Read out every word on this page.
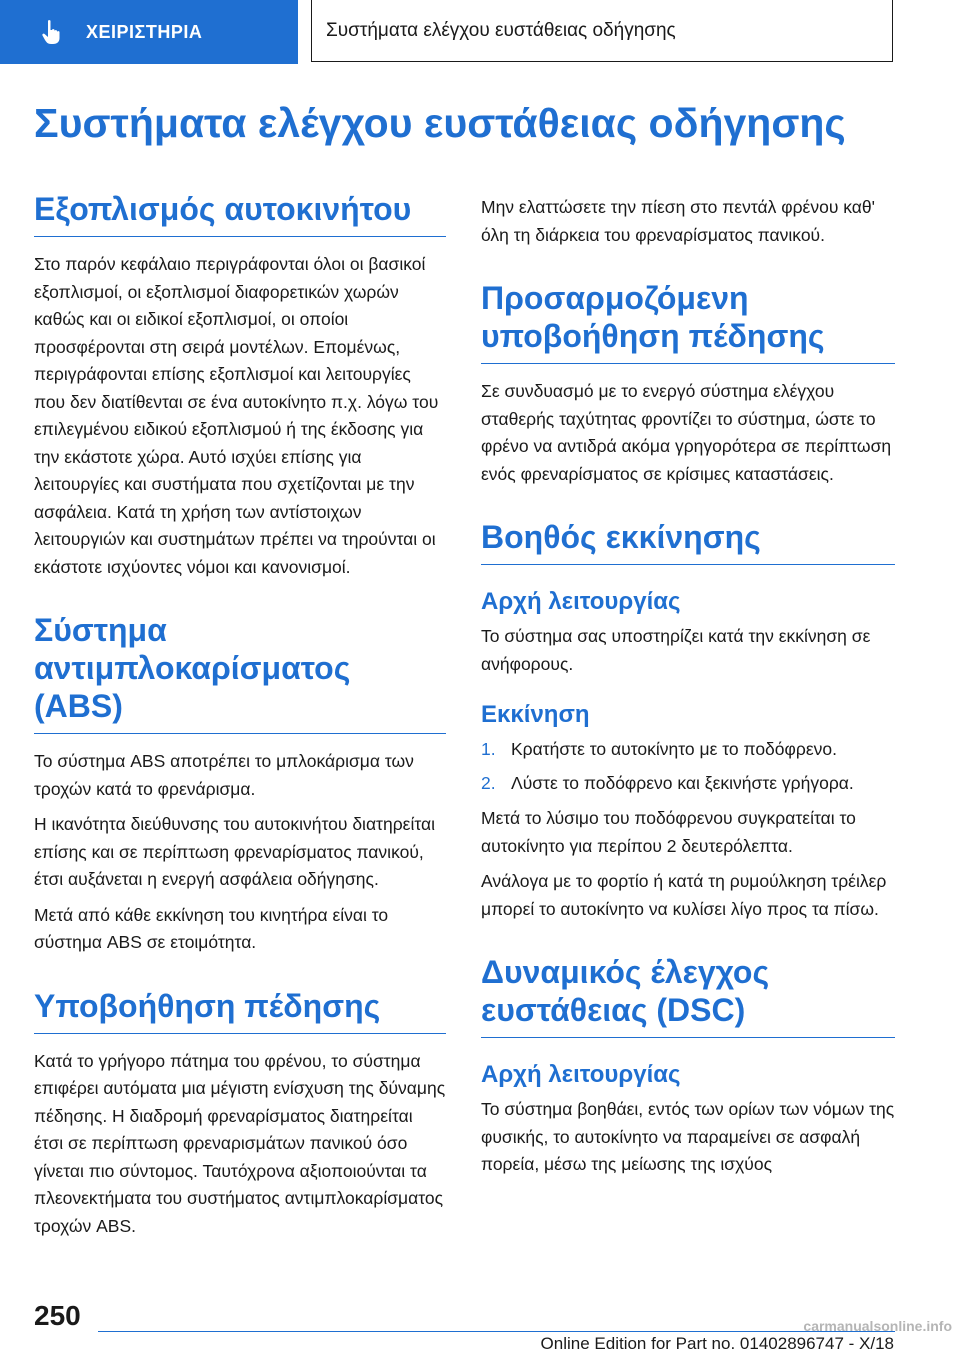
ΧΕΙΡΙΣΤΗΡΙΑ	Συστήματα ελέγχου ευστάθειας οδήγησης
Συστήματα ελέγχου ευστάθειας οδήγησης
Εξοπλισμός αυτοκινήτου

Στο παρόν κεφάλαιο περιγράφονται όλοι οι βασικοί εξοπλισμοί, οι εξοπλισμοί διαφορετικών χωρών καθώς και οι ειδικοί εξοπλισμοί, οι οποίοι προσφέρονται στη σειρά μοντέλων. Επομένως, περιγράφονται επίσης εξοπλισμοί και λειτουργίες που δεν διατίθενται σε ένα αυτοκίνητο π.χ. λόγω του επιλεγμένου ειδικού εξοπλισμού ή της έκδοσης για την εκάστοτε χώρα. Αυτό ισχύει επίσης για λειτουργίες και συστήματα που σχετίζονται με την ασφάλεια. Κατά τη χρήση των αντίστοιχων λειτουργιών και συστημάτων πρέπει να τηρούνται οι εκάστοτε ισχύοντες νόμοι και κανονισμοί.

Σύστημα αντιμπλοκαρίσματος (ABS)

Το σύστημα ABS αποτρέπει το μπλοκάρισμα των τροχών κατά το φρενάρισμα.

Η ικανότητα διεύθυνσης του αυτοκινήτου διατηρείται επίσης και σε περίπτωση φρεναρίσματος πανικού, έτσι αυξάνεται η ενεργή ασφάλεια οδήγησης.

Μετά από κάθε εκκίνηση του κινητήρα είναι το σύστημα ABS σε ετοιμότητα.

Υποβοήθηση πέδησης

Κατά το γρήγορο πάτημα του φρένου, το σύστημα επιφέρει αυτόματα μια μέγιστη ενίσχυση της δύναμης πέδησης. Η διαδρομή φρεναρίσματος διατηρείται έτσι σε περίπτωση φρεναρισμάτων πανικού όσο γίνεται πιο σύντομος. Ταυτόχρονα αξιοποιούνται τα πλεονεκτήματα του συστήματος αντιμπλοκαρίσματος τροχών ABS.

Μην ελαττώσετε την πίεση στο πεντάλ φρένου καθ' όλη τη διάρκεια του φρεναρίσματος πανικού.

Προσαρμοζόμενη υποβοήθηση πέδησης

Σε συνδυασμό με το ενεργό σύστημα ελέγχου σταθερής ταχύτητας φροντίζει το σύστημα, ώστε το φρένο να αντιδρά ακόμα γρηγορότερα σε περίπτωση ενός φρεναρίσματος σε κρίσιμες καταστάσεις.

Βοηθός εκκίνησης
Αρχή λειτουργίας

Το σύστημα σας υποστηρίζει κατά την εκκίνηση σε ανήφορους.

Εκκίνηση
1. Κρατήστε το αυτοκίνητο με το ποδόφρενο.
2. Λύστε το ποδόφρενο και ξεκινήστε γρήγορα.

Μετά το λύσιμο του ποδόφρενου συγκρατείται το αυτοκίνητο για περίπου 2 δευτερόλεπτα.

Ανάλογα με το φορτίο ή κατά τη ρυμούλκηση τρέιλερ μπορεί το αυτοκίνητο να κυλίσει λίγο προς τα πίσω.

Δυναμικός έλεγχος ευστάθειας (DSC)
Αρχή λειτουργίας

Το σύστημα βοηθάει, εντός των ορίων των νόμων της φυσικής, το αυτοκίνητο να παραμείνει σε ασφαλή πορεία, μέσω της μείωσης της ισχύος

250
Online Edition for Part no. 01402896747 - X/18
carmanualsonline.info
